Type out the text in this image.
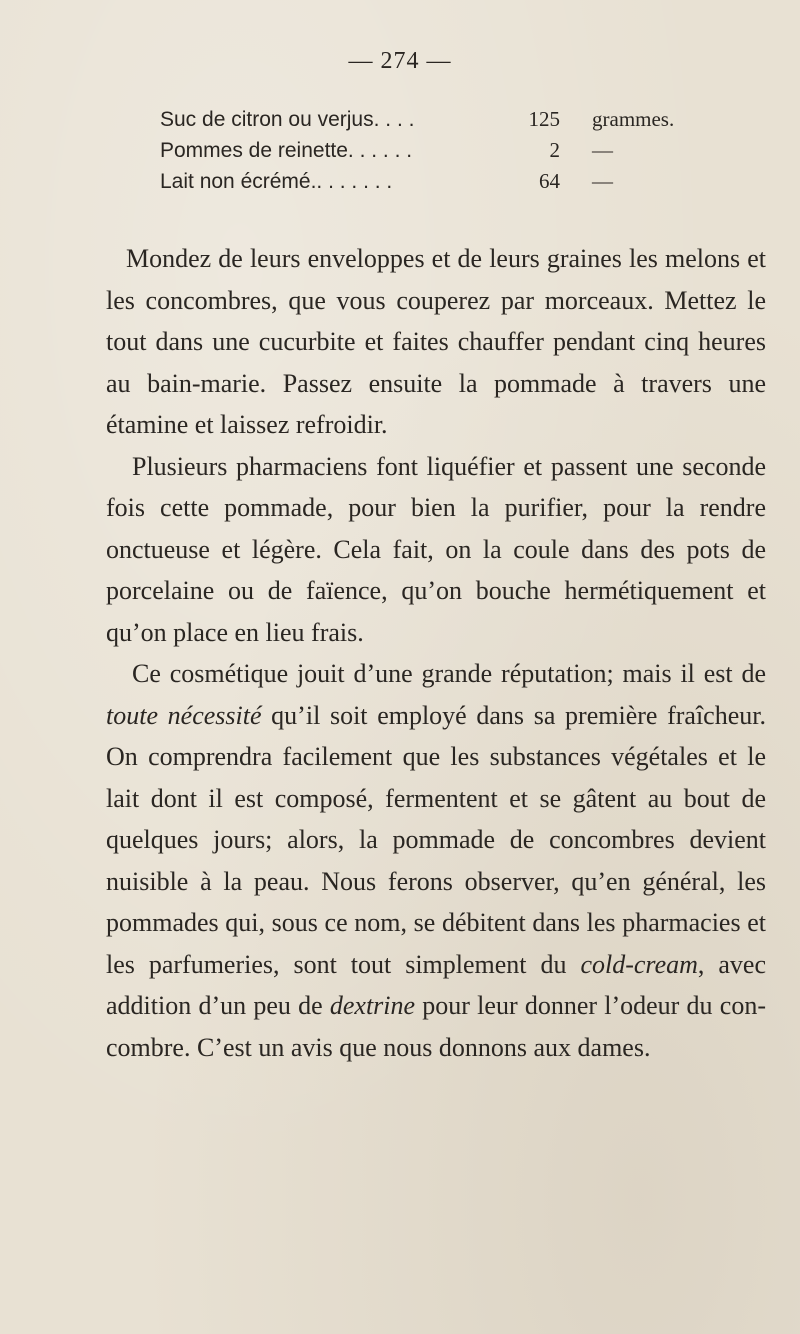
— 274 —
Suc de citron ou verjus. . . .	125 grammes.
Pommes de reinette. . . . . .	2 —
Lait non écrémé.. . . . . . .	64 —

Mondez de leurs enveloppes et de leurs graines les melons et les concombres, que vous couperez par morceaux. Mettez le tout dans une cucurbite et faites chauffer pendant cinq heures au bain-marie. Passez ensuite la pommade à travers une étamine et laissez refroidir.

Plusieurs pharmaciens font liquéfier et passent une seconde fois cette pommade, pour bien la purifier, pour la rendre onctueuse et légère. Cela fait, on la coule dans des pots de porcelaine ou de faïence, qu’on bouche hermétiquement et qu’on place en lieu frais.

Ce cosmétique jouit d’une grande réputation; mais il est de toute nécessité qu’il soit employé dans sa première fraîcheur. On comprendra facilement que les substances végétales et le lait dont il est composé, fermentent et se gâtent au bout de quelques jours; alors, la pommade de concombres devient nuisible à la peau. Nous ferons observer, qu’en général, les pommades qui, sous ce nom, se débitent dans les pharmacies et les parfumeries, sont tout simplement du cold-cream, avec addition d’un peu de dextrine pour leur donner l’odeur du concombre. C’est un avis que nous donnons aux dames.
